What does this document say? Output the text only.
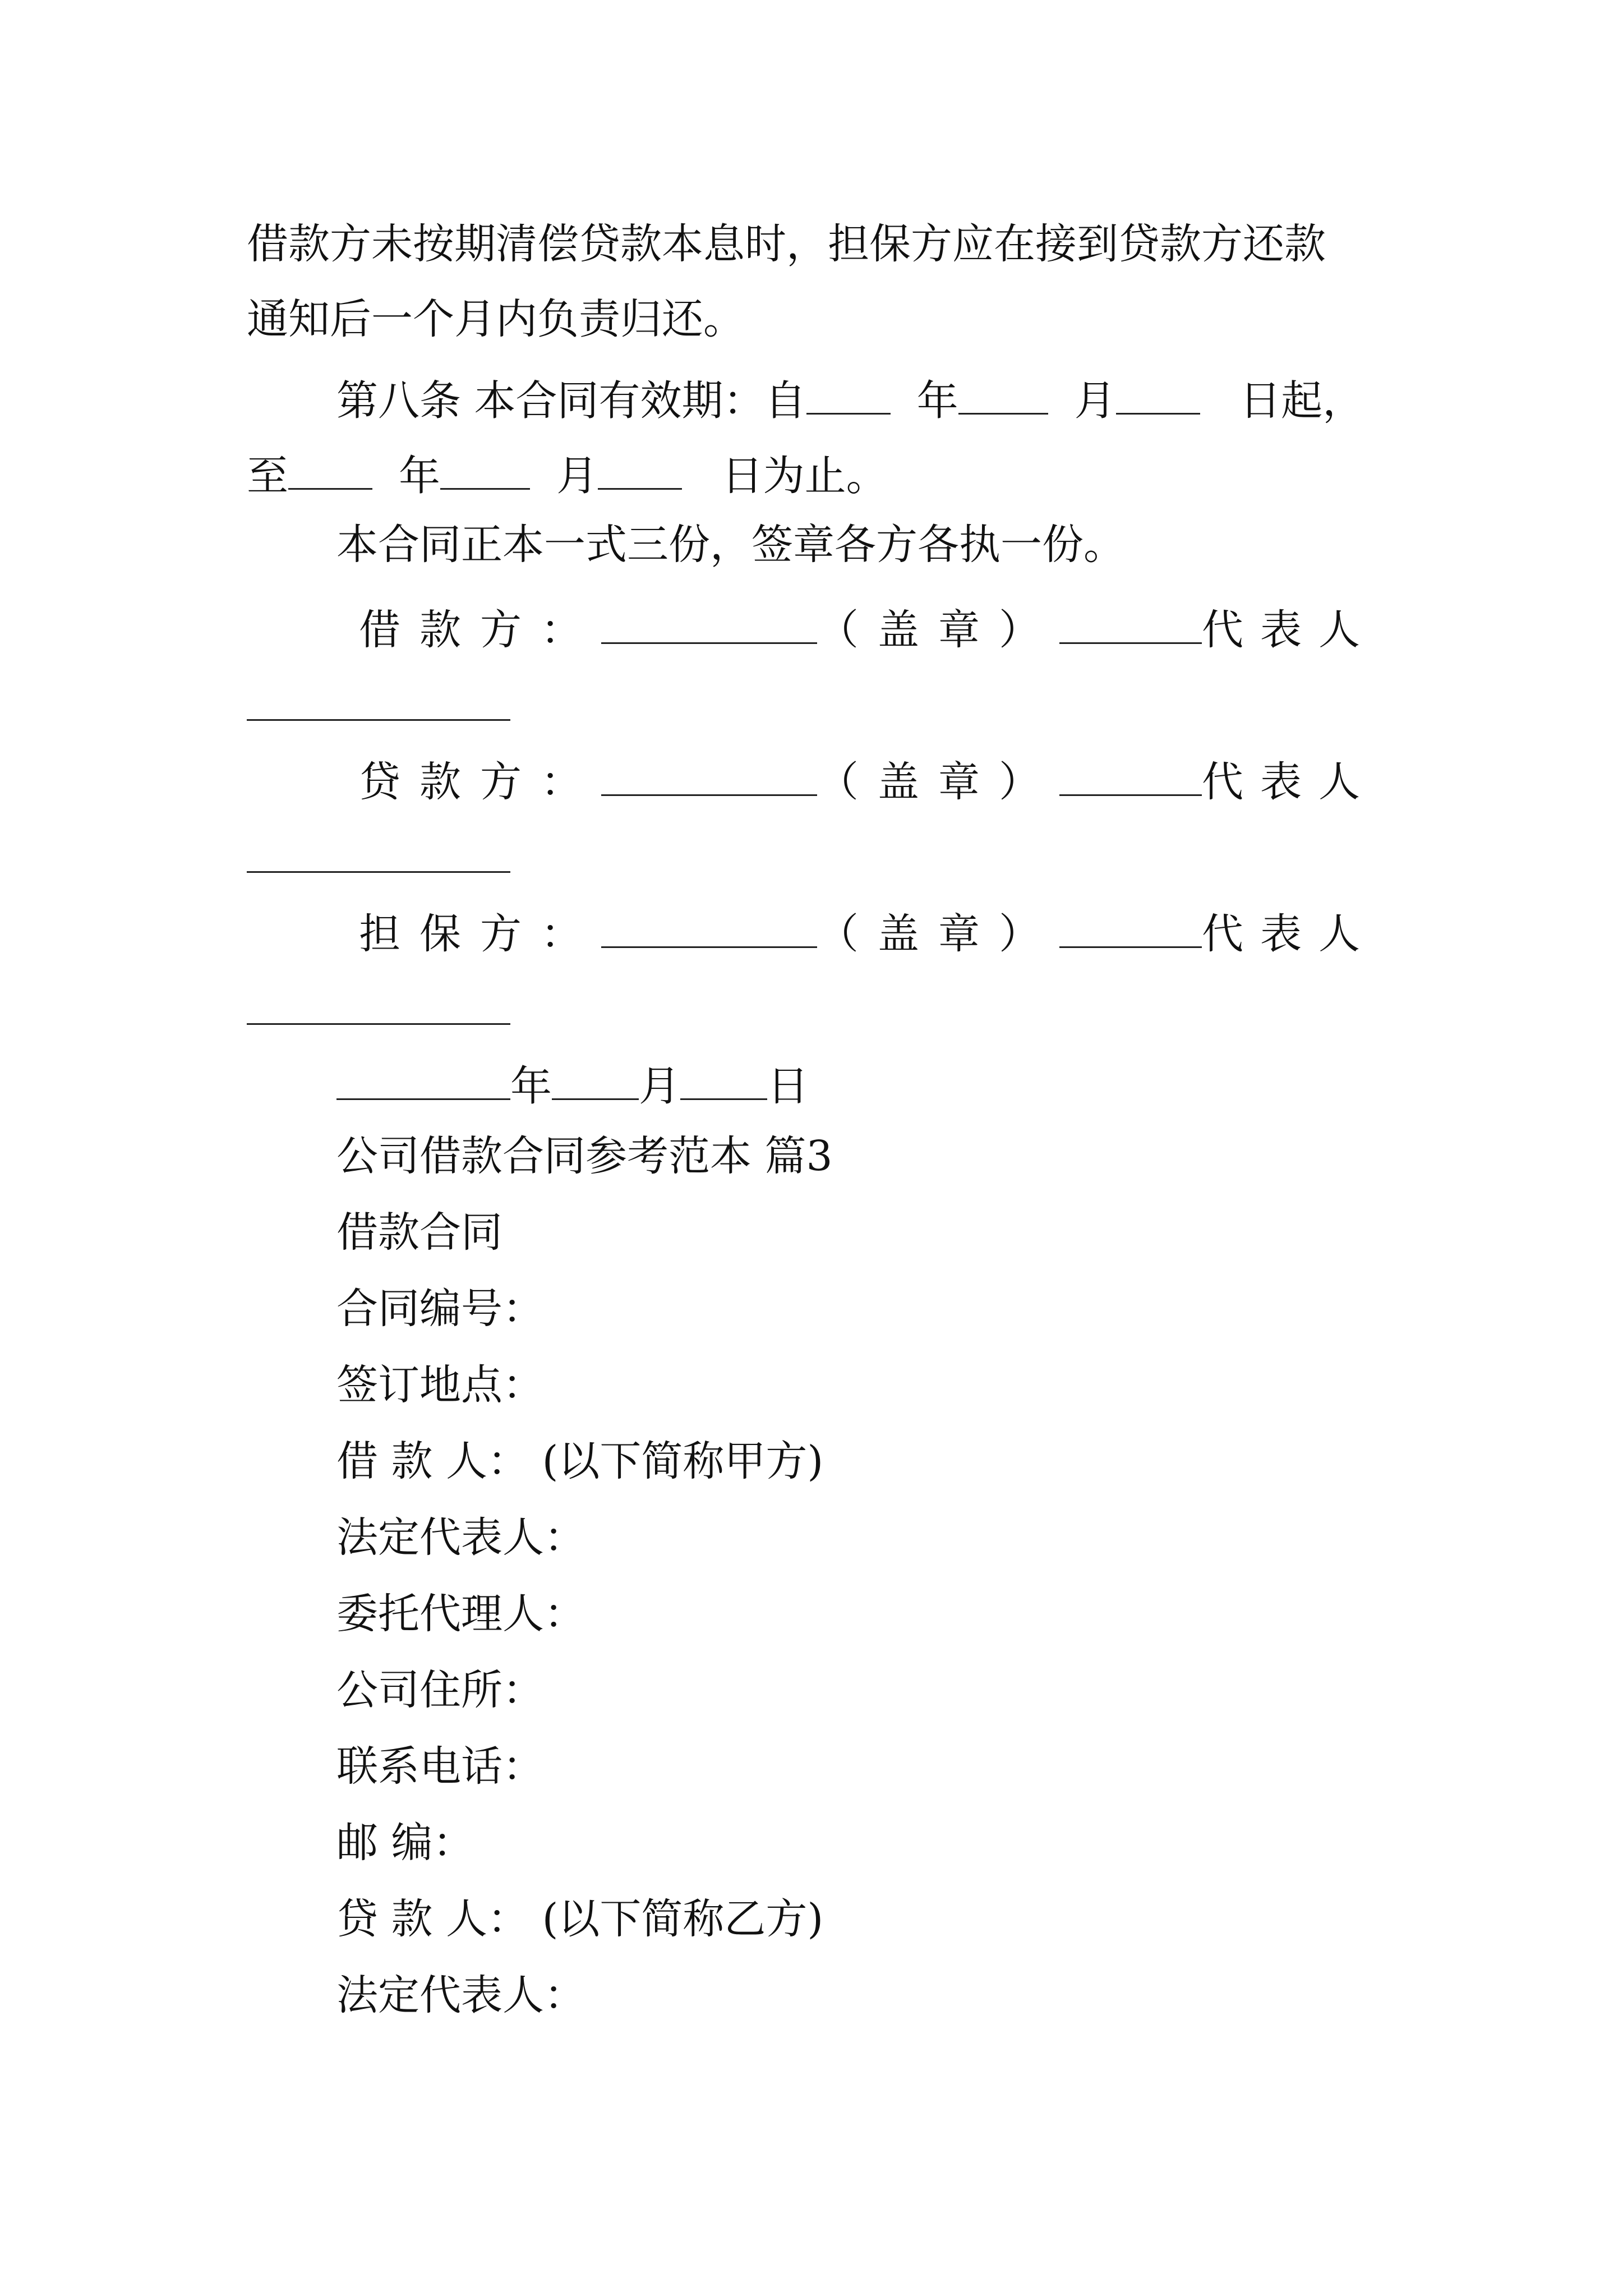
借款方未按期清偿贷款本息时，担保方应在接到贷款方还款
通知后一个月内负责归还。
第八条 本合同有效期：自	年	月	日起，
至	年	月	日为止。
本合同正本一式三份，签章各方各执一份。
借款方：	（盖章）	代表人
贷款方：	（盖章）	代表人
担保方：	（盖章）	代表人
年 月 日
公司借款合同参考范本 篇3
借款合同
合同编号：
签订地点：
借 款 人： (以下简称甲方)
法定代表人：
委托代理人：
公司住所：
联系电话：
邮 编：
贷 款 人： (以下简称乙方)
法定代表人：
